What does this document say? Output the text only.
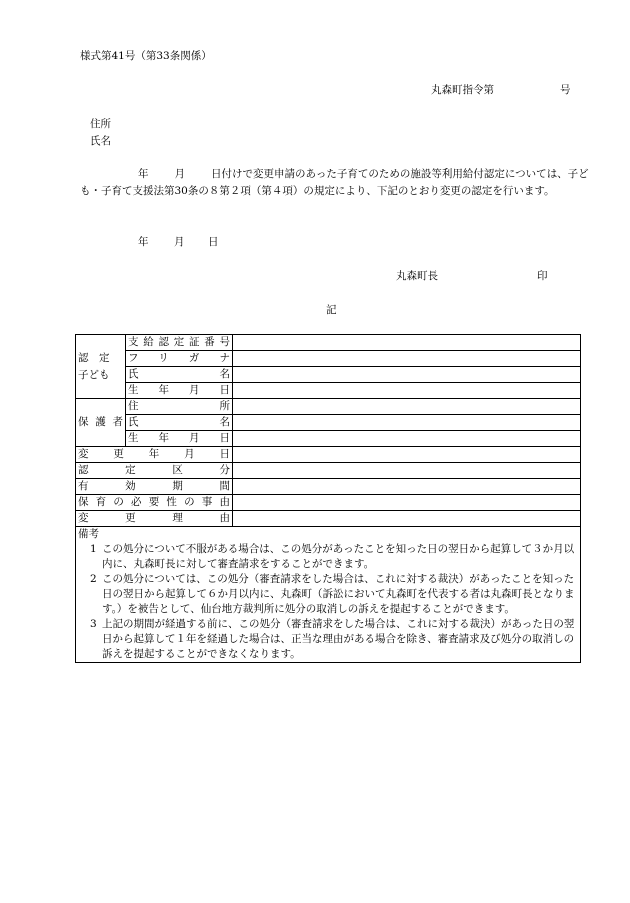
様式第41号（第33条関係）
丸森町指令第	号
住所
氏名
年 月 日付けで変更申請のあった子育てのための施設等利用給付認定については、子ども・子育て支援法第30条の８第２項（第４項）の規定により、下記のとおり変更の認定を行います。
年 月 日
丸森町長	印
記
認　定
子ども	支給認定証番号	
	フリガナ	
	氏名	
	生年月日	
保護者	住所	
	氏名	
	生年月日	
変更年月日		
認定区分		
有効期間		
保育の必要性の事由		
変更理由		

備考
1 この処分について不服がある場合は、この処分があったことを知った日の翌日から起算して３か月以内に、丸森町長に対して審査請求をすることができます。
2 この処分については、この処分（審査請求をした場合は、これに対する裁決）があったことを知った日の翌日から起算して６か月以内に、丸森町（訴訟において丸森町を代表する者は丸森町長となります。）を被告として、仙台地方裁判所に処分の取消しの訴えを提起することができます。
3 上記の期間が経過する前に、この処分（審査請求をした場合は、これに対する裁決）があった日の翌日から起算して１年を経過した場合は、正当な理由がある場合を除き、審査請求及び処分の取消しの訴えを提起することができなくなります。		
